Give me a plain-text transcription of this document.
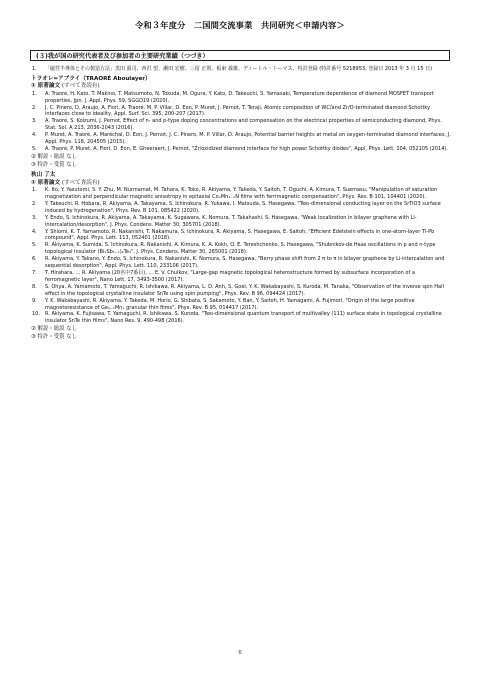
令和３年度分　二国間交流事業　共同研究＜申請内容＞
(３)我が国の研究代表者及び参加者の主要研究業績（つづき）
1. 「磁性半導体とその製造方法」黒田 眞司、西沢 望、瀬田 宏樹、三留 正則、板東 義雄、ディートル・トーマス、特許登録 (特許番号 5218953, 登録日 2013 年 3 月 15 日)
トラオレ=アブライ（TRAORÉ Aboulayer）
① 原著論文 (すべて査読有)
1. A. Traoré, H. Kato, T. Makino, T. Matsumoto, N. Tokuda, M. Ogura, Y. Kato, D. Takeuchi, S. Yamasaki, Temperature dependence of diamond MOSFET transport properties, Jpn. J. Appl. Phys. 59, SGGD19 (2020).
2. J. C. Pinero, D. Araujo, A. Fiori, A. Traoré, M. P. Villar, D. Eon, P. Muret, J. Pernot, T. Teraji, Atomic composition of WC/and Zr/O-terminated diamond Schottky interfaces close to ideality, Appl. Surf. Sci. 395, 200-207 (2017).
3. A. Traoré, S. Koizumi, J. Pernot, Effect of n- and p-type doping concentrations and compensation on the electrical properties of semiconducting diamond, Phys. Stat. Sol. A 213, 2036-2043 (2016).
4. P. Muret, A. Traoré, A. Maréchal, D. Eon, J. Pernot, J. C. Pinero, M. P. Villar, D. Araujo, Potential barrier heights at metal on oxygen-terminated diamond interfaces, J. Appl. Phys. 118, 204505 (2015).
5. A. Traoré, P. Muret, A. Fiori, D. Eon, E. Gheeraert, J. Pernot, "Zr/oxidized diamond interface for high power Schottky diodes", Appl. Phys. Lett. 104, 052105 (2014).
② 解説・総説 なし
③ 特許・受賞 なし
秋山 了太
① 原著論文 (すべて査読有)
1. K. Ito, Y. Yasutomi, S. Y. Zhu, M. Nurmamat, M. Tahara, K. Toko, R. Akiyama, Y. Takeda, Y. Saitoh, T. Oguchi, A. Kimura, T. Suemasu, "Manipulation of saturation magnetization and perpendicular magnetic anisotropy in epitaxial CoₓMn₄₋ₓN films with ferrimagnetic compensation", Phys. Rev. B 101, 104401 (2020).
2. Y. Takeuchi, R. Hobara, R. Akiyama, A. Takayama, S. Ichinokura, R. Yukawa, I. Matsuda, S. Hasegawa, "Two-dimensional conducting layer on the SrTiO3 surface induced by hydrogenation", Phys. Rev. B 101, 085422 (2020).
3. Y. Endo, S. Ichinokura, R. Akiyama, A. Takayama, K. Sugawara, K. Nomura, T. Takahashi, S. Hasegawa, "Weak localization in bilayer graphene with Li-intercalation/desorption", J. Phys. Condens. Matter 30, 305701 (2018).
4. Y. Shiomi, K. T. Yamamoto, R. Nakanishi, T. Nakamura, S. Ichinokura, R. Akiyama, S. Hasegawa, E. Saitoh, "Efficient Edelstein effects in one-atom-layer Tl-Pb compound", Appl. Phys. Lett. 113, 052401 (2018).
5. R. Akiyama, K. Sumida, S. Ichinokura, R. Nakanishi, A. Kimura, K. A. Kokh, O. E. Tereshchenko, S. Hasegawa, "Shubnikov-de Haas oscillations in p and n-type topological insulator (BiₓSb₁₋ₓ)₂Te₃", J. Phys. Condens. Matter 30, 265001 (2018).
6. R. Akiyama, Y. Takano, Y. Endo, S. Ichinokura, R. Nakanishi, K. Nomura, S. Hasegawa, "Berry phase shift from 2 π to π in bilayer graphene by Li-intercalation and sequential desorption", Appl. Phys. Lett. 110, 233106 (2017).
7. T. Hirahara, … R. Akiyama (20名中7番目), … E. V. Chulkov, "Large-gap magnetic topological heterostructure formed by subsurface incorporation of a ferromagnetic layer", Nano Lett. 17, 3493-3500 (2017).
8. S. Ohya, A. Yamamoto, T. Yamaguchi, R. Ishikawa, R. Akiyama, L. D. Anh, S. Goel, Y. K. Wakabayashi, S. Kuroda, M. Tanaka, "Observation of the inverse spin Hall effect in the topological crystalline insulator SnTe using spin pumping", Phys. Rev. B 96, 094424 (2017).
9. Y. K. Wakabayashi, R. Akiyama, Y. Takeda, M. Horio, G. Shibata, S. Sakamoto, Y. Ban, Y. Saitoh, H. Yamagami, A. Fujimori, "Origin of the large positive magnetoresistance of Ge₁₋ₓMnₓ granular thin films", Phys. Rev. B 95, 014417 (2017).
10. R. Akiyama, K. Fujisawa, T. Yamaguchi, R. Ishikawa, S. Kuroda, "Two-dimensional quantum transport of multivalley (111) surface state in topological crystalline insulator SnTe thin films", Nano Res. 9, 490-498 (2016).
② 解説・総説 なし
③ 特許・受賞 なし
6
